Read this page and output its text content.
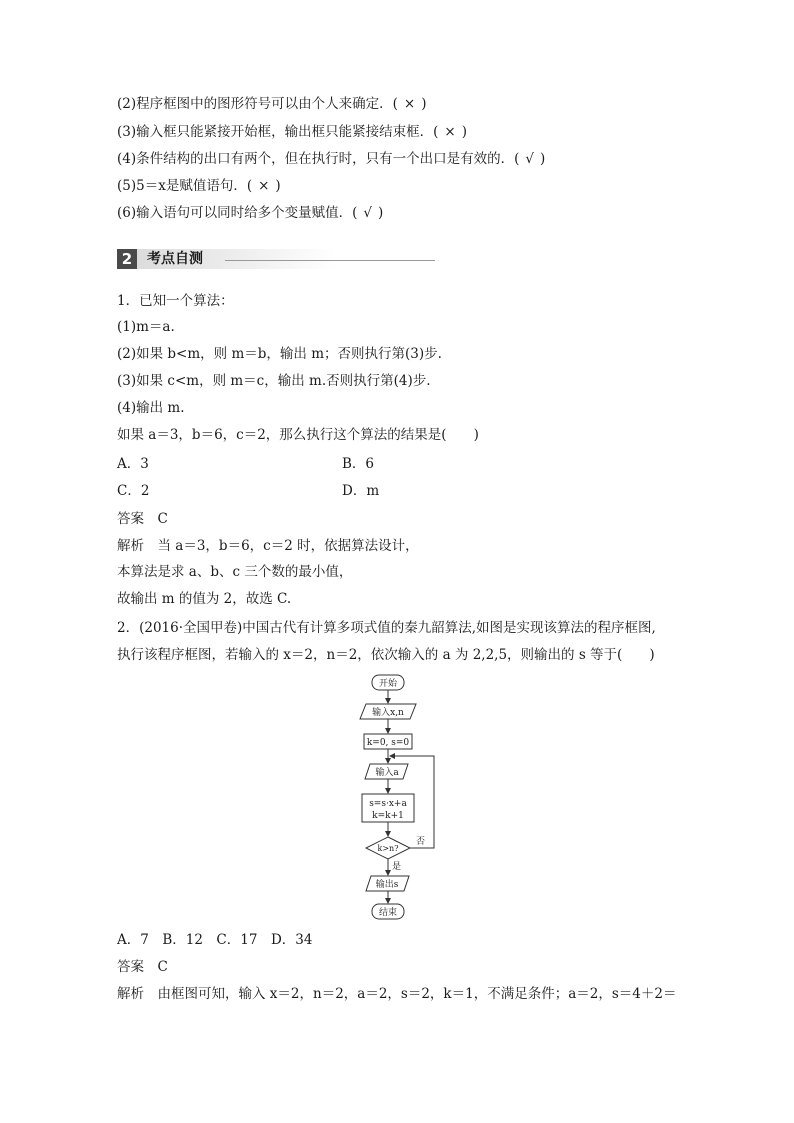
(2)程序框图中的图形符号可以由个人来确定．( × )
(3)输入框只能紧接开始框，输出框只能紧接结束框．( × )
(4)条件结构的出口有两个，但在执行时，只有一个出口是有效的．( √ )
(5)5＝x是赋值语句．( × )
(6)输入语句可以同时给多个变量赋值．( √ )
2	考点自测
1．已知一个算法：
(1)m＝a.
(2)如果 b<m，则 m＝b，输出 m；否则执行第(3)步.
(3)如果 c<m，则 m＝c，输出 m.否则执行第(4)步.
(4)输出 m.
如果 a＝3，b＝6，c＝2，那么执行这个算法的结果是(　　)
A．3	B．6
C．2	D．m
答案　C
解析　当 a＝3，b＝6，c＝2 时，依据算法设计，
本算法是求 a、b、c 三个数的最小值，
故输出 m 的值为 2，故选 C.
2．(2016·全国甲卷)中国古代有计算多项式值的秦九韶算法,如图是实现该算法的程序框图,
执行该程序框图，若输入的 x＝2，n＝2，依次输入的 a 为 2,2,5，则输出的 s 等于(　　)
开始
输入x,n
k=0, s=0
输入a
s=s·x+a
k=k+1
k>n?
否
是
输出s
结束
A．7　B．12　C．17　D．34
答案　C
解析　由框图可知，输入 x＝2，n＝2，a＝2，s＝2，k＝1，不满足条件；a＝2，s＝4＋2＝
